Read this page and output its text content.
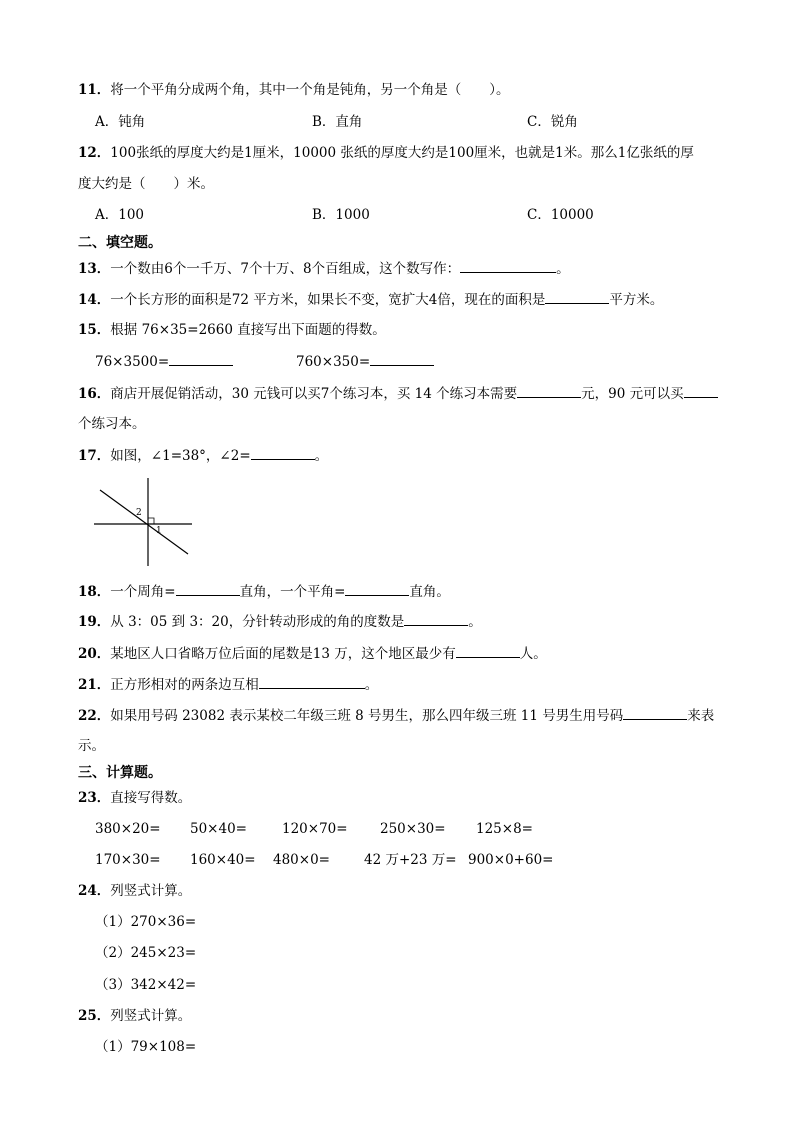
11．将一个平角分成两个角，其中一个角是钝角，另一个角是（ ）。
A．钝角	B．直角	C．锐角
12．100张纸的厚度大约是1厘米，10000 张纸的厚度大约是100厘米，也就是1米。那么1亿张纸的厚
度大约是（ ）米。
A．100	B．1000	C．10000
二、填空题。
13．一个数由6个一千万、7个十万、8个百组成，这个数写作：	。
14．一个长方形的面积是72 平方米，如果长不变，宽扩大4倍，现在的面积是	平方米。
15．根据 76×35=2660 直接写出下面题的得数。
76×3500=	760×350=
16．商店开展促销活动，30 元钱可以买7个练习本，买 14 个练习本需要	元，90 元可以买
个练习本。
17．如图，∠1=38°，∠2=	。
2
1
18．一个周角=	直角，一个平角=	直角。
19．从 3：05 到 3：20，分针转动形成的角的度数是	。
20．某地区人口省略万位后面的尾数是13 万，这个地区最少有	人。
21．正方形相对的两条边互相	。
22．如果用号码 23082 表示某校二年级三班 8 号男生，那么四年级三班 11 号男生用号码	来表
示。
三、计算题。
23．直接写得数。
380×20= 50×40=	120×70= 250×30= 125×8=
170×30= 160×40= 480×0=	42 万+23 万= 900×0+60=
24．列竖式计算。
（1）270×36=
（2）245×23=
（3）342×42=
25．列竖式计算。
（1）79×108=
